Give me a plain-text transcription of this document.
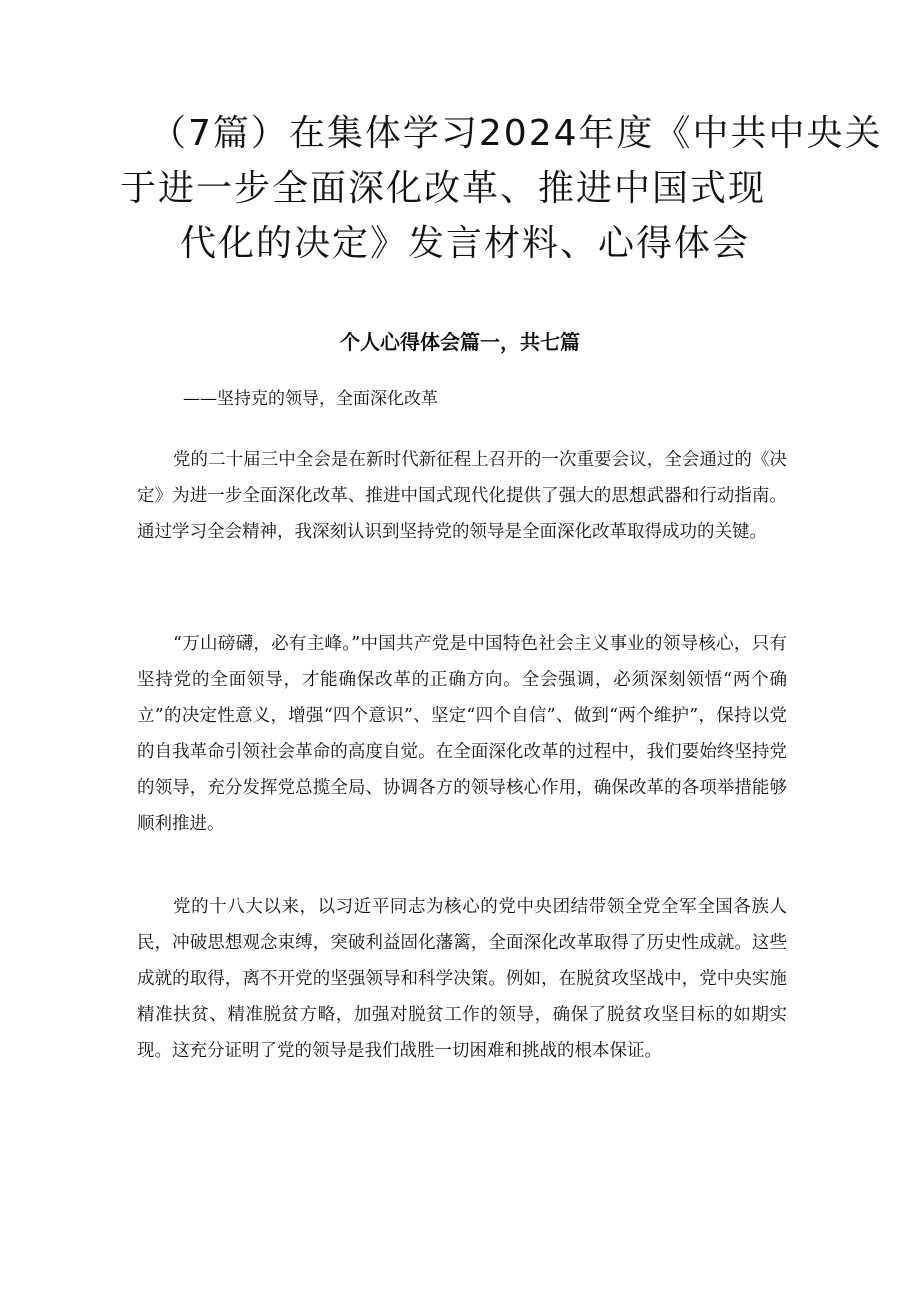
（7篇）在集体学习2024年度《中共中央关
于进一步全面深化改革、推进中国式现
代化的决定》发言材料、心得体会
个人心得体会篇一，共七篇

——坚持克的领导，全面深化改革

党的二十届三中全会是在新时代新征程上召开的一次重要会议，全会通过的《决定》为进一步全面深化改革、推进中国式现代化提供了强大的思想武器和行动指南。通过学习全会精神，我深刻认识到坚持党的领导是全面深化改革取得成功的关键。

“万山磅礴，必有主峰。”中国共产党是中国特色社会主义事业的领导核心，只有坚持党的全面领导，才能确保改革的正确方向。全会强调，必须深刻领悟“两个确立”的决定性意义，增强“四个意识”、坚定“四个自信”、做到“两个维护”，保持以党的自我革命引领社会革命的高度自觉。在全面深化改革的过程中，我们要始终坚持党的领导，充分发挥党总揽全局、协调各方的领导核心作用，确保改革的各项举措能够顺利推进。

党的十八大以来，以习近平同志为核心的党中央团结带领全党全军全国各族人民，冲破思想观念束缚，突破利益固化藩篱，全面深化改革取得了历史性成就。这些成就的取得，离不开党的坚强领导和科学决策。例如，在脱贫攻坚战中，党中央实施精准扶贫、精准脱贫方略，加强对脱贫工作的领导，确保了脱贫攻坚目标的如期实现。这充分证明了党的领导是我们战胜一切困难和挑战的根本保证。
